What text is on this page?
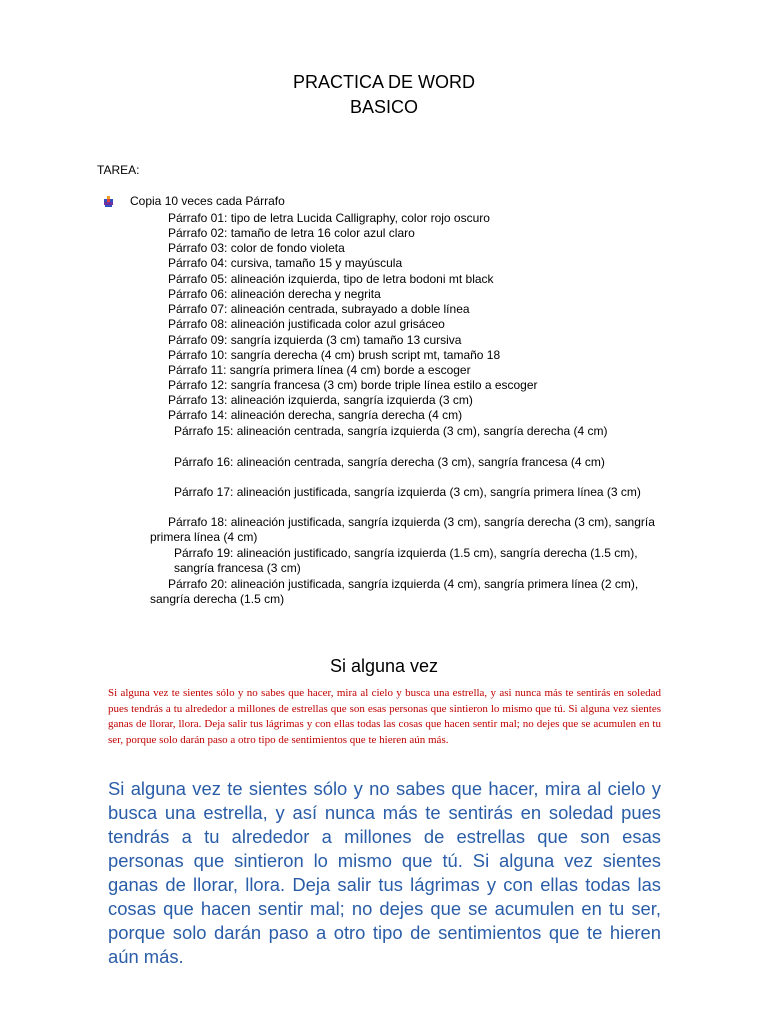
PRACTICA DE WORD
BASICO
TAREA:
Copia 10 veces cada Párrafo
Párrafo 01: tipo de letra Lucida Calligraphy, color rojo oscuro
Párrafo 02: tamaño de letra 16 color azul claro
Párrafo 03: color de fondo violeta
Párrafo 04: cursiva, tamaño 15 y mayúscula
Párrafo 05: alineación izquierda, tipo de letra bodoni mt black
Párrafo 06: alineación derecha y negrita
Párrafo 07: alineación centrada, subrayado a doble línea
Párrafo 08: alineación justificada color azul grisáceo
Párrafo 09: sangría izquierda (3 cm) tamaño 13 cursiva
Párrafo 10: sangría derecha (4 cm) brush script mt, tamaño 18
Párrafo 11: sangría primera línea (4 cm) borde a escoger
Párrafo 12: sangría francesa (3 cm) borde triple línea estilo a escoger
Párrafo 13: alineación izquierda, sangría izquierda (3 cm)
Párrafo 14: alineación derecha, sangría derecha (4 cm)
Párrafo 15: alineación centrada, sangría izquierda (3 cm), sangría derecha (4 cm)
Párrafo 16: alineación centrada, sangría derecha (3 cm), sangría francesa (4 cm)
Párrafo 17: alineación justificada, sangría izquierda (3 cm), sangría primera línea (3 cm)
Párrafo 18: alineación justificada, sangría izquierda (3 cm), sangría derecha (3 cm), sangría primera línea (4 cm)
Párrafo 19: alineación justificado, sangría izquierda (1.5 cm), sangría derecha (1.5 cm), sangría francesa (3 cm)
Párrafo 20: alineación justificada, sangría izquierda (4 cm), sangría primera línea (2 cm), sangría derecha (1.5 cm)
Si alguna vez
Si alguna vez te sientes sólo y no sabes que hacer, mira al cielo y busca una estrella, y asi nunca más te sentirás en soledad pues tendrás a tu alrededor a millones de estrellas que son esas personas que sintieron lo mismo que tú. Si alguna vez sientes ganas de llorar, llora. Deja salir tus lágrimas y con ellas todas las cosas que hacen sentir mal; no dejes que se acumulen en tu ser, porque solo darán paso a otro tipo de sentimientos que te hieren aún más.
Si alguna vez te sientes sólo y no sabes que hacer, mira al cielo y busca una estrella, y así nunca más te sentirás en soledad pues tendrás a tu alrededor a millones de estrellas que son esas personas que sintieron lo mismo que tú. Si alguna vez sientes ganas de llorar, llora. Deja salir tus lágrimas y con ellas todas las cosas que hacen sentir mal; no dejes que se acumulen en tu ser, porque solo darán paso a otro tipo de sentimientos que te hieren aún más.
